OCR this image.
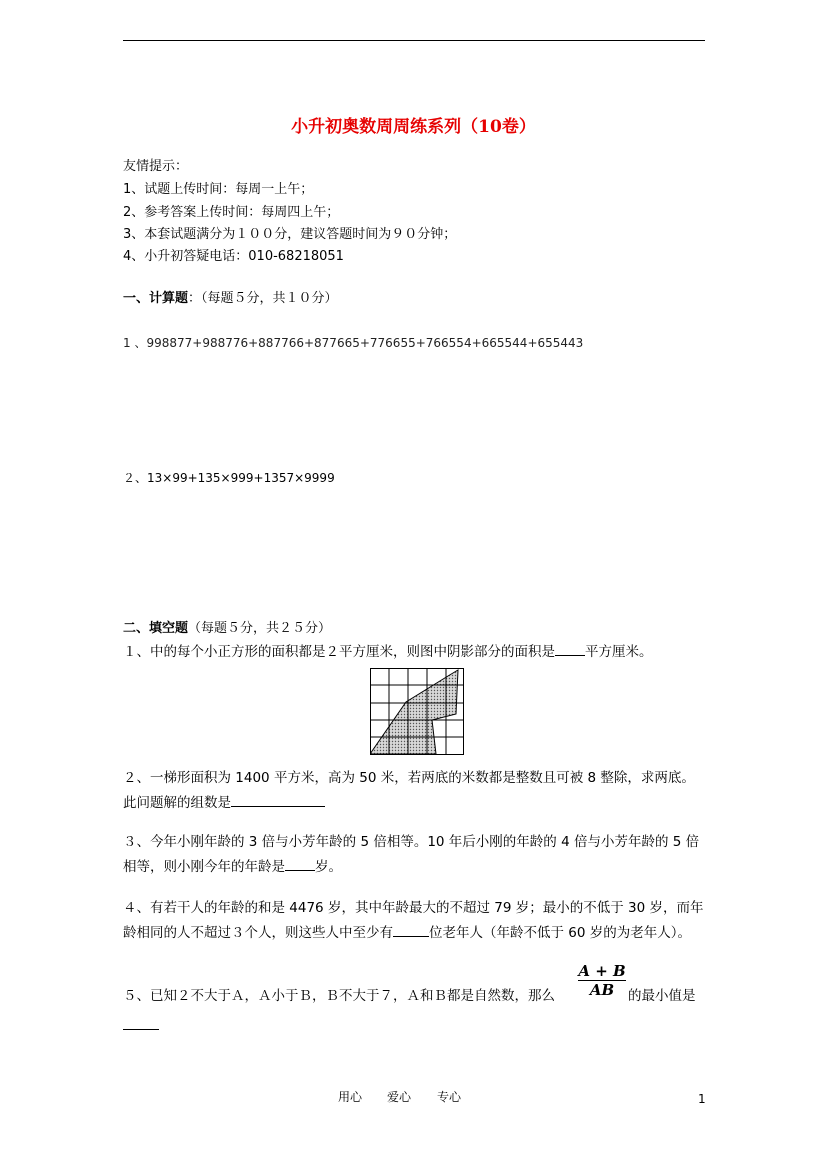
小升初奥数周周练系列（10卷）
友情提示：
1、试题上传时间：每周一上午；
2、参考答案上传时间：每周四上午；
3、本套试题满分为１００分，建议答题时间为９０分钟；
4、小升初答疑电话：010-68218051
一、计算题：（每题５分，共１０分）
1 、998877+988776+887766+877665+776655+766554+665544+655443
２、13×99+135×999+1357×9999
二、填空题（每题５分，共２５分）
１、中的每个小正方形的面积都是２平方厘米，则图中阴影部分的面积是 平方厘米。
２、一梯形面积为 1400 平方米，高为 50 米，若两底的米数都是整数且可被 8 整除，求两底。此问题解的组数是
３、今年小刚年龄的 3 倍与小芳年龄的 5 倍相等。10 年后小刚的年龄的 4 倍与小芳年龄的 5 倍相等，则小刚今年的年龄是 岁。
４、有若干人的年龄的和是 4476 岁，其中年龄最大的不超过 79 岁；最小的不低于 30 岁，而年龄相同的人不超过３个人，则这些人中至少有	位老年人（年龄不低于 60 岁的为老年人）。
５、已知２不大于Ａ，Ａ小于Ｂ，Ｂ不大于７，Ａ和Ｂ都是自然数，那么
A + B
AB	的最小值是
用心 爱心 专心	1
